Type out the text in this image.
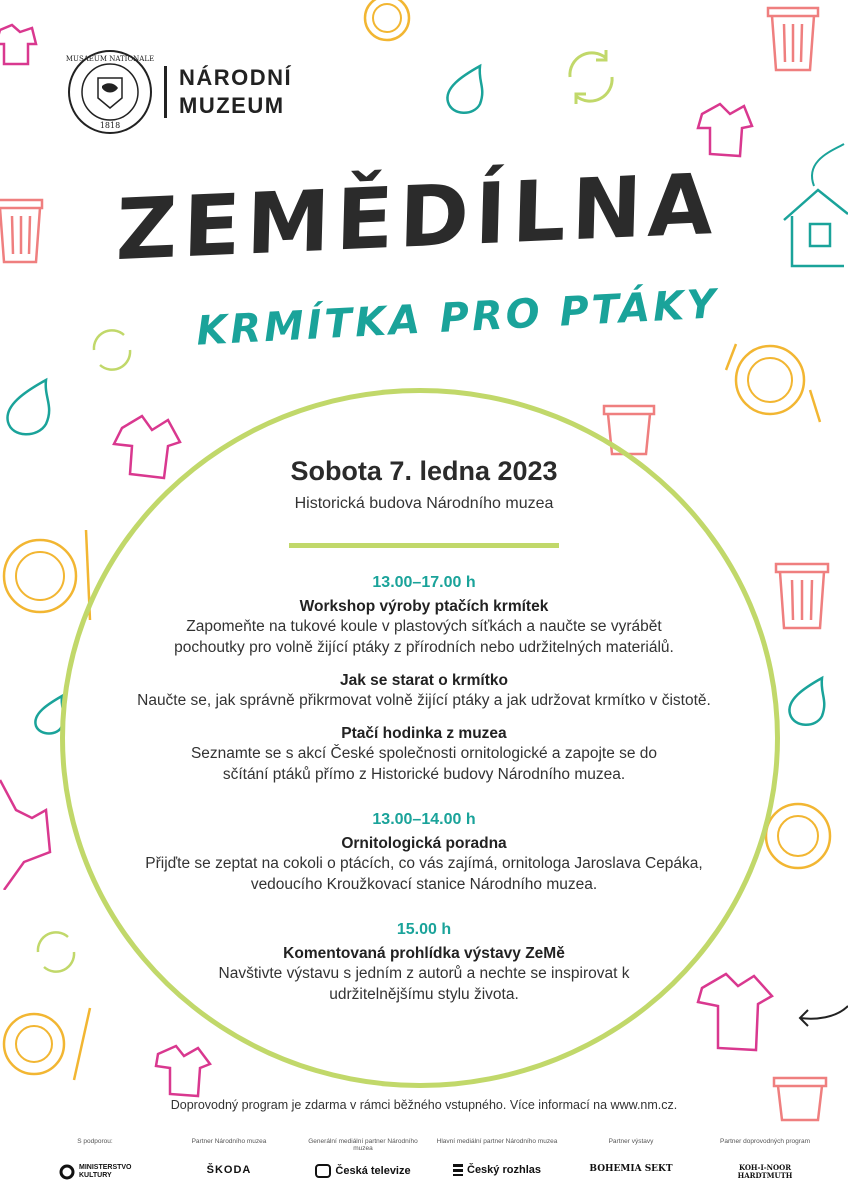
MUSAEUM NATIONALE
1818
NÁRODNÍ
MUZEUM
ZEMĚDÍLNA
KRMÍTKA PRO PTÁKY
Sobota 7. ledna 2023
Historická budova Národního muzea
13.00–17.00 h
Workshop výroby ptačích krmítek
Zapomeňte na tukové koule v plastových síťkách a naučte se vyrábět pochoutky pro volně žijící ptáky z přírodních nebo udržitelných materiálů.
Jak se starat o krmítko
Naučte se, jak správně přikrmovat volně žijící ptáky a jak udržovat krmítko v čistotě.
Ptačí hodinka z muzea
Seznamte se s akcí České společnosti ornitologické a zapojte se do sčítání ptáků přímo z Historické budovy Národního muzea.
13.00–14.00 h
Ornitologická poradna
Přijďte se zeptat na cokoli o ptácích, co vás zajímá, ornitologa Jaroslava Cepáka, vedoucího Kroužkovací stanice Národního muzea.
15.00 h
Komentovaná prohlídka výstavy ZeMě
Navštivte výstavu s jedním z autorů a nechte se inspirovat k udržitelnějšímu stylu života.
Doprovodný program je zdarma v rámci běžného vstupného. Více informací na www.nm.cz.
S podporou:
MINISTERSTVO KULTURY
Partner Národního muzea
ŠKODA
Generální mediální partner Národního muzea
Česká televize
Hlavní mediální partner Národního muzea
Český rozhlas
Partner výstavy
BOHEMIA SEKT
Partner doprovodných program
KOH-I-NOOR HARDTMUTH
